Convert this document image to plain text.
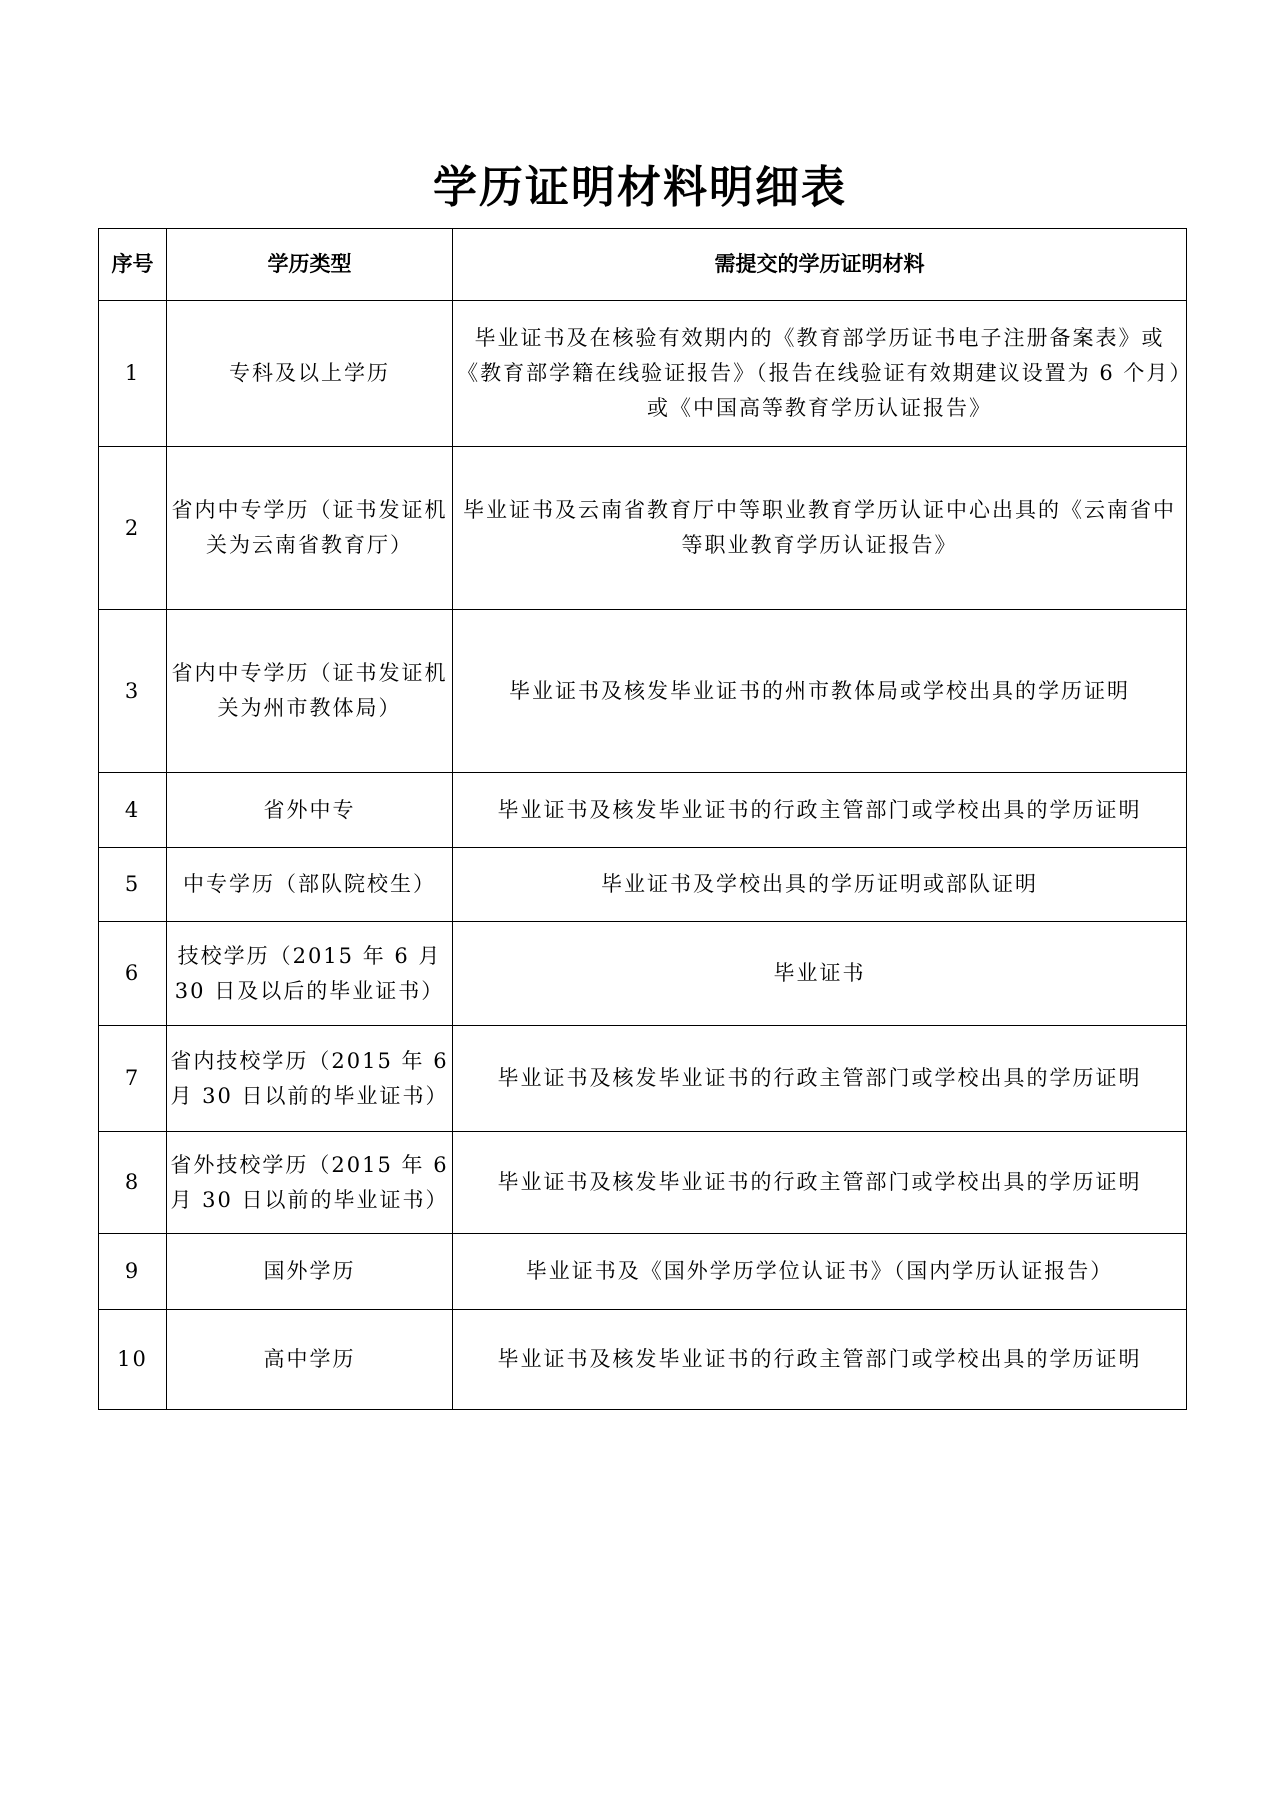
学历证明材料明细表
序号	学历类型	需提交的学历证明材料
1	专科及以上学历	毕业证书及在核验有效期内的《教育部学历证书电子注册备案表》或《教育部学籍在线验证报告》（报告在线验证有效期建议设置为 6 个月）或《中国高等教育学历认证报告》
2	省内中专学历（证书发证机关为云南省教育厅）	毕业证书及云南省教育厅中等职业教育学历认证中心出具的《云南省中等职业教育学历认证报告》
3	省内中专学历（证书发证机关为州市教体局）	毕业证书及核发毕业证书的州市教体局或学校出具的学历证明
4	省外中专	毕业证书及核发毕业证书的行政主管部门或学校出具的学历证明
5	中专学历（部队院校生）	毕业证书及学校出具的学历证明或部队证明
6	技校学历（2015 年 6 月 30 日及以后的毕业证书）	毕业证书
7	省内技校学历（2015 年 6 月 30 日以前的毕业证书）	毕业证书及核发毕业证书的行政主管部门或学校出具的学历证明
8	省外技校学历（2015 年 6 月 30 日以前的毕业证书）	毕业证书及核发毕业证书的行政主管部门或学校出具的学历证明
9	国外学历	毕业证书及《国外学历学位认证书》（国内学历认证报告）
10	高中学历	毕业证书及核发毕业证书的行政主管部门或学校出具的学历证明
